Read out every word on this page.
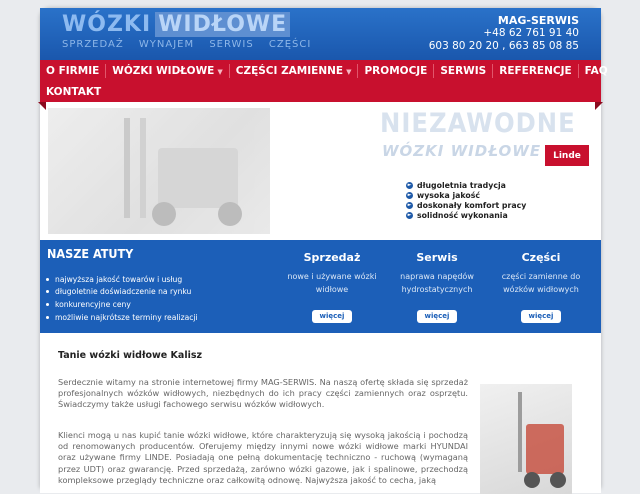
WÓZKI WIDŁOWE
SPRZEDAŻ WYNAJEM SERWIS CZĘŚCI
MAG-SERWIS
+48 62 761 91 40
603 80 20 20 , 663 85 08 85
O FIRMIE	WÓZKI WIDŁOWE ▼	CZĘŚCI ZAMIENNE ▼	PROMOCJE	SERWIS	REFERENCJE	FAQ
KONTAKT
NIEZAWODNE
WÓZKI WIDŁOWE	Linde
► długoletnia tradycja
► wysoka jakość
► doskonały komfort pracy
► solidność wykonania
NASZE ATUTY
najwyższa jakość towarów i usług
długoletnie doświadczenie na rynku
konkurencyjne ceny
możliwie najkrótsze terminy realizacji
Sprzedaż
nowe i używane wózki
widłowe
więcej
Serwis
naprawa napędów
hydrostatycznych
więcej
Części
części zamienne do
wózków widłowych
więcej
Tanie wózki widłowe Kalisz

Serdecznie witamy na stronie internetowej firmy MAG-SERWIS. Na naszą ofertę składa się sprzedaż profesjonalnych wózków widłowych, niezbędnych do ich pracy części zamiennych oraz osprzętu. Świadczymy także usługi fachowego serwisu wózków widłowych.

Klienci mogą u nas kupić tanie wózki widłowe, które charakteryzują się wysoką jakością i pochodzą od renomowanych producentów. Oferujemy między innymi nowe wózki widłowe marki HYUNDAI oraz używane firmy LINDE. Posiadają one pełną dokumentację techniczno - ruchową (wymaganą przez UDT) oraz gwarancję. Przed sprzedażą, zarówno wózki gazowe, jak i spalinowe, przechodzą kompleksowe przeglądy techniczne oraz całkowitą odnowę. Najwyższa jakość to cecha, jaką
